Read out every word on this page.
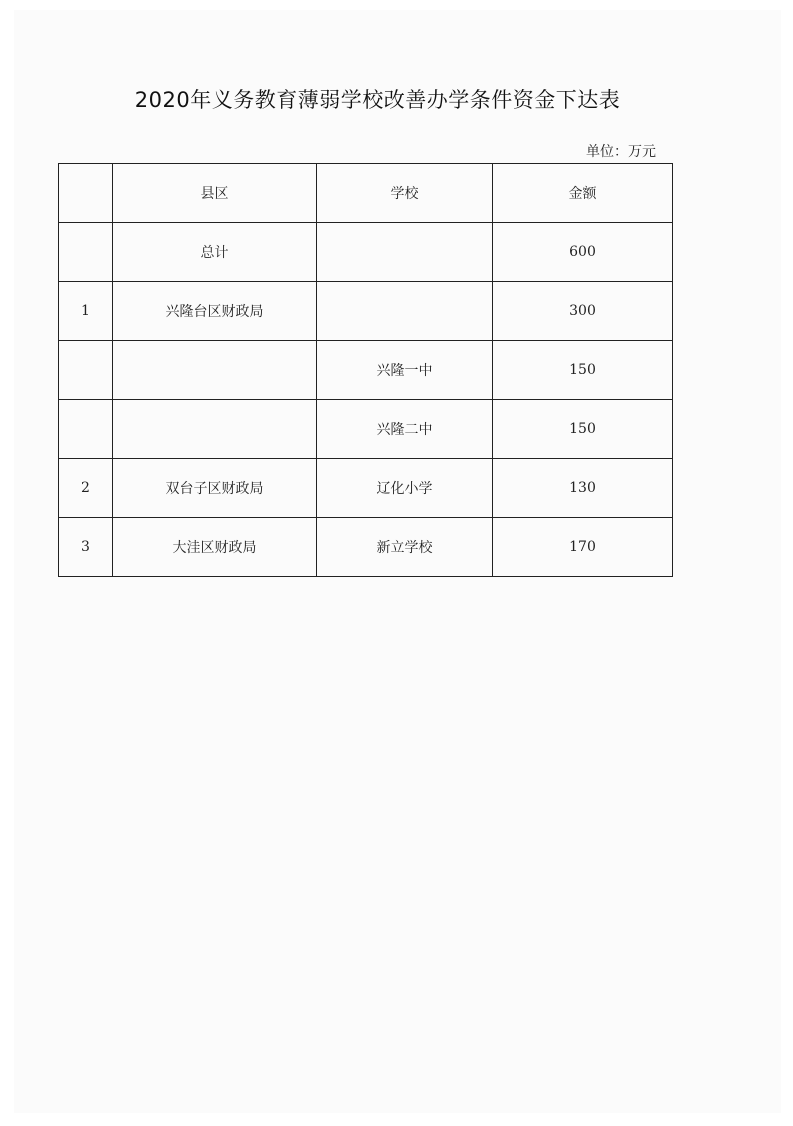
2020年义务教育薄弱学校改善办学条件资金下达表
单位：万元
	县区	学校	金额
	总计		600
1	兴隆台区财政局		300
		兴隆一中	150
		兴隆二中	150
2	双台子区财政局	辽化小学	130
3	大洼区财政局	新立学校	170
